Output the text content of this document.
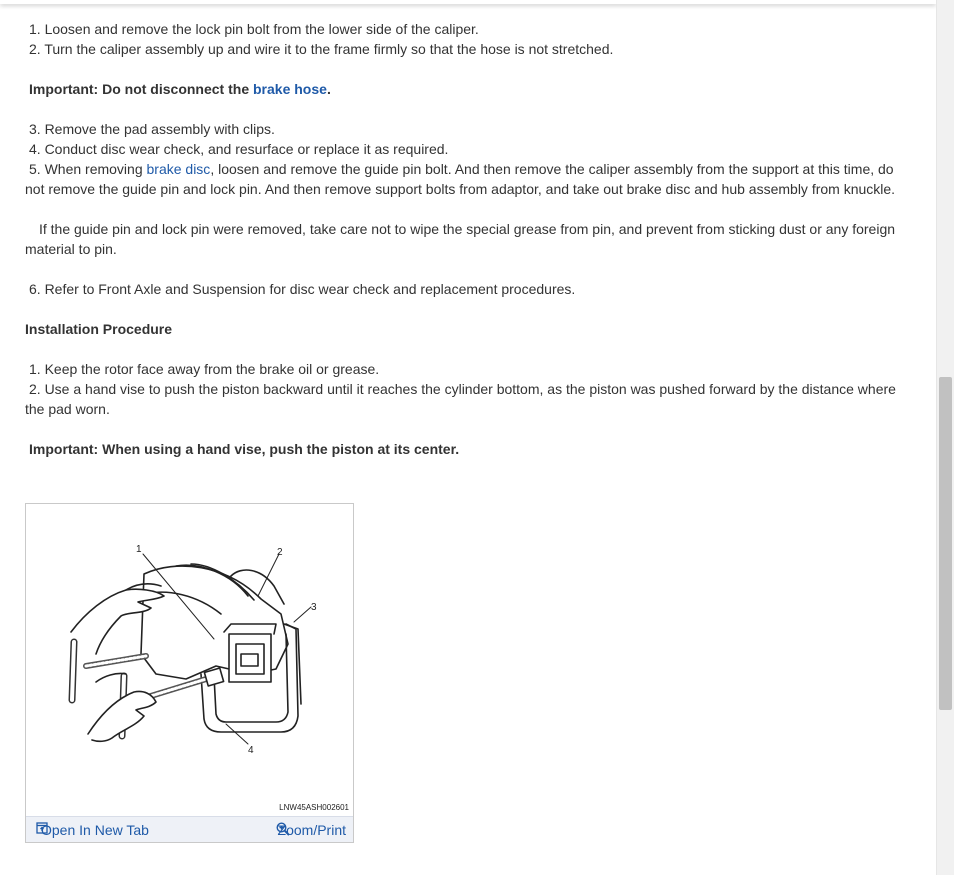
1. Loosen and remove the lock pin bolt from the lower side of the caliper.
2. Turn the caliper assembly up and wire it to the frame firmly so that the hose is not stretched.
Important: Do not disconnect the brake hose.
3. Remove the pad assembly with clips.
4. Conduct disc wear check, and resurface or replace it as required.
5. When removing brake disc, loosen and remove the guide pin bolt. And then remove the caliper assembly from the support at this time, do not remove the guide pin and lock pin. And then remove support bolts from adaptor, and take out brake disc and hub assembly from knuckle.
If the guide pin and lock pin were removed, take care not to wipe the special grease from pin, and prevent from sticking dust or any foreign material to pin.
6. Refer to Front Axle and Suspension for disc wear check and replacement procedures.
Installation Procedure
1. Keep the rotor face away from the brake oil or grease.
2. Use a hand vise to push the piston backward until it reaches the cylinder bottom, as the piston was pushed forward by the distance where the pad worn.
Important: When using a hand vise, push the piston at its center.
1	2
3
4
LNW45ASH002601
Open In New Tab	Zoom/Print
